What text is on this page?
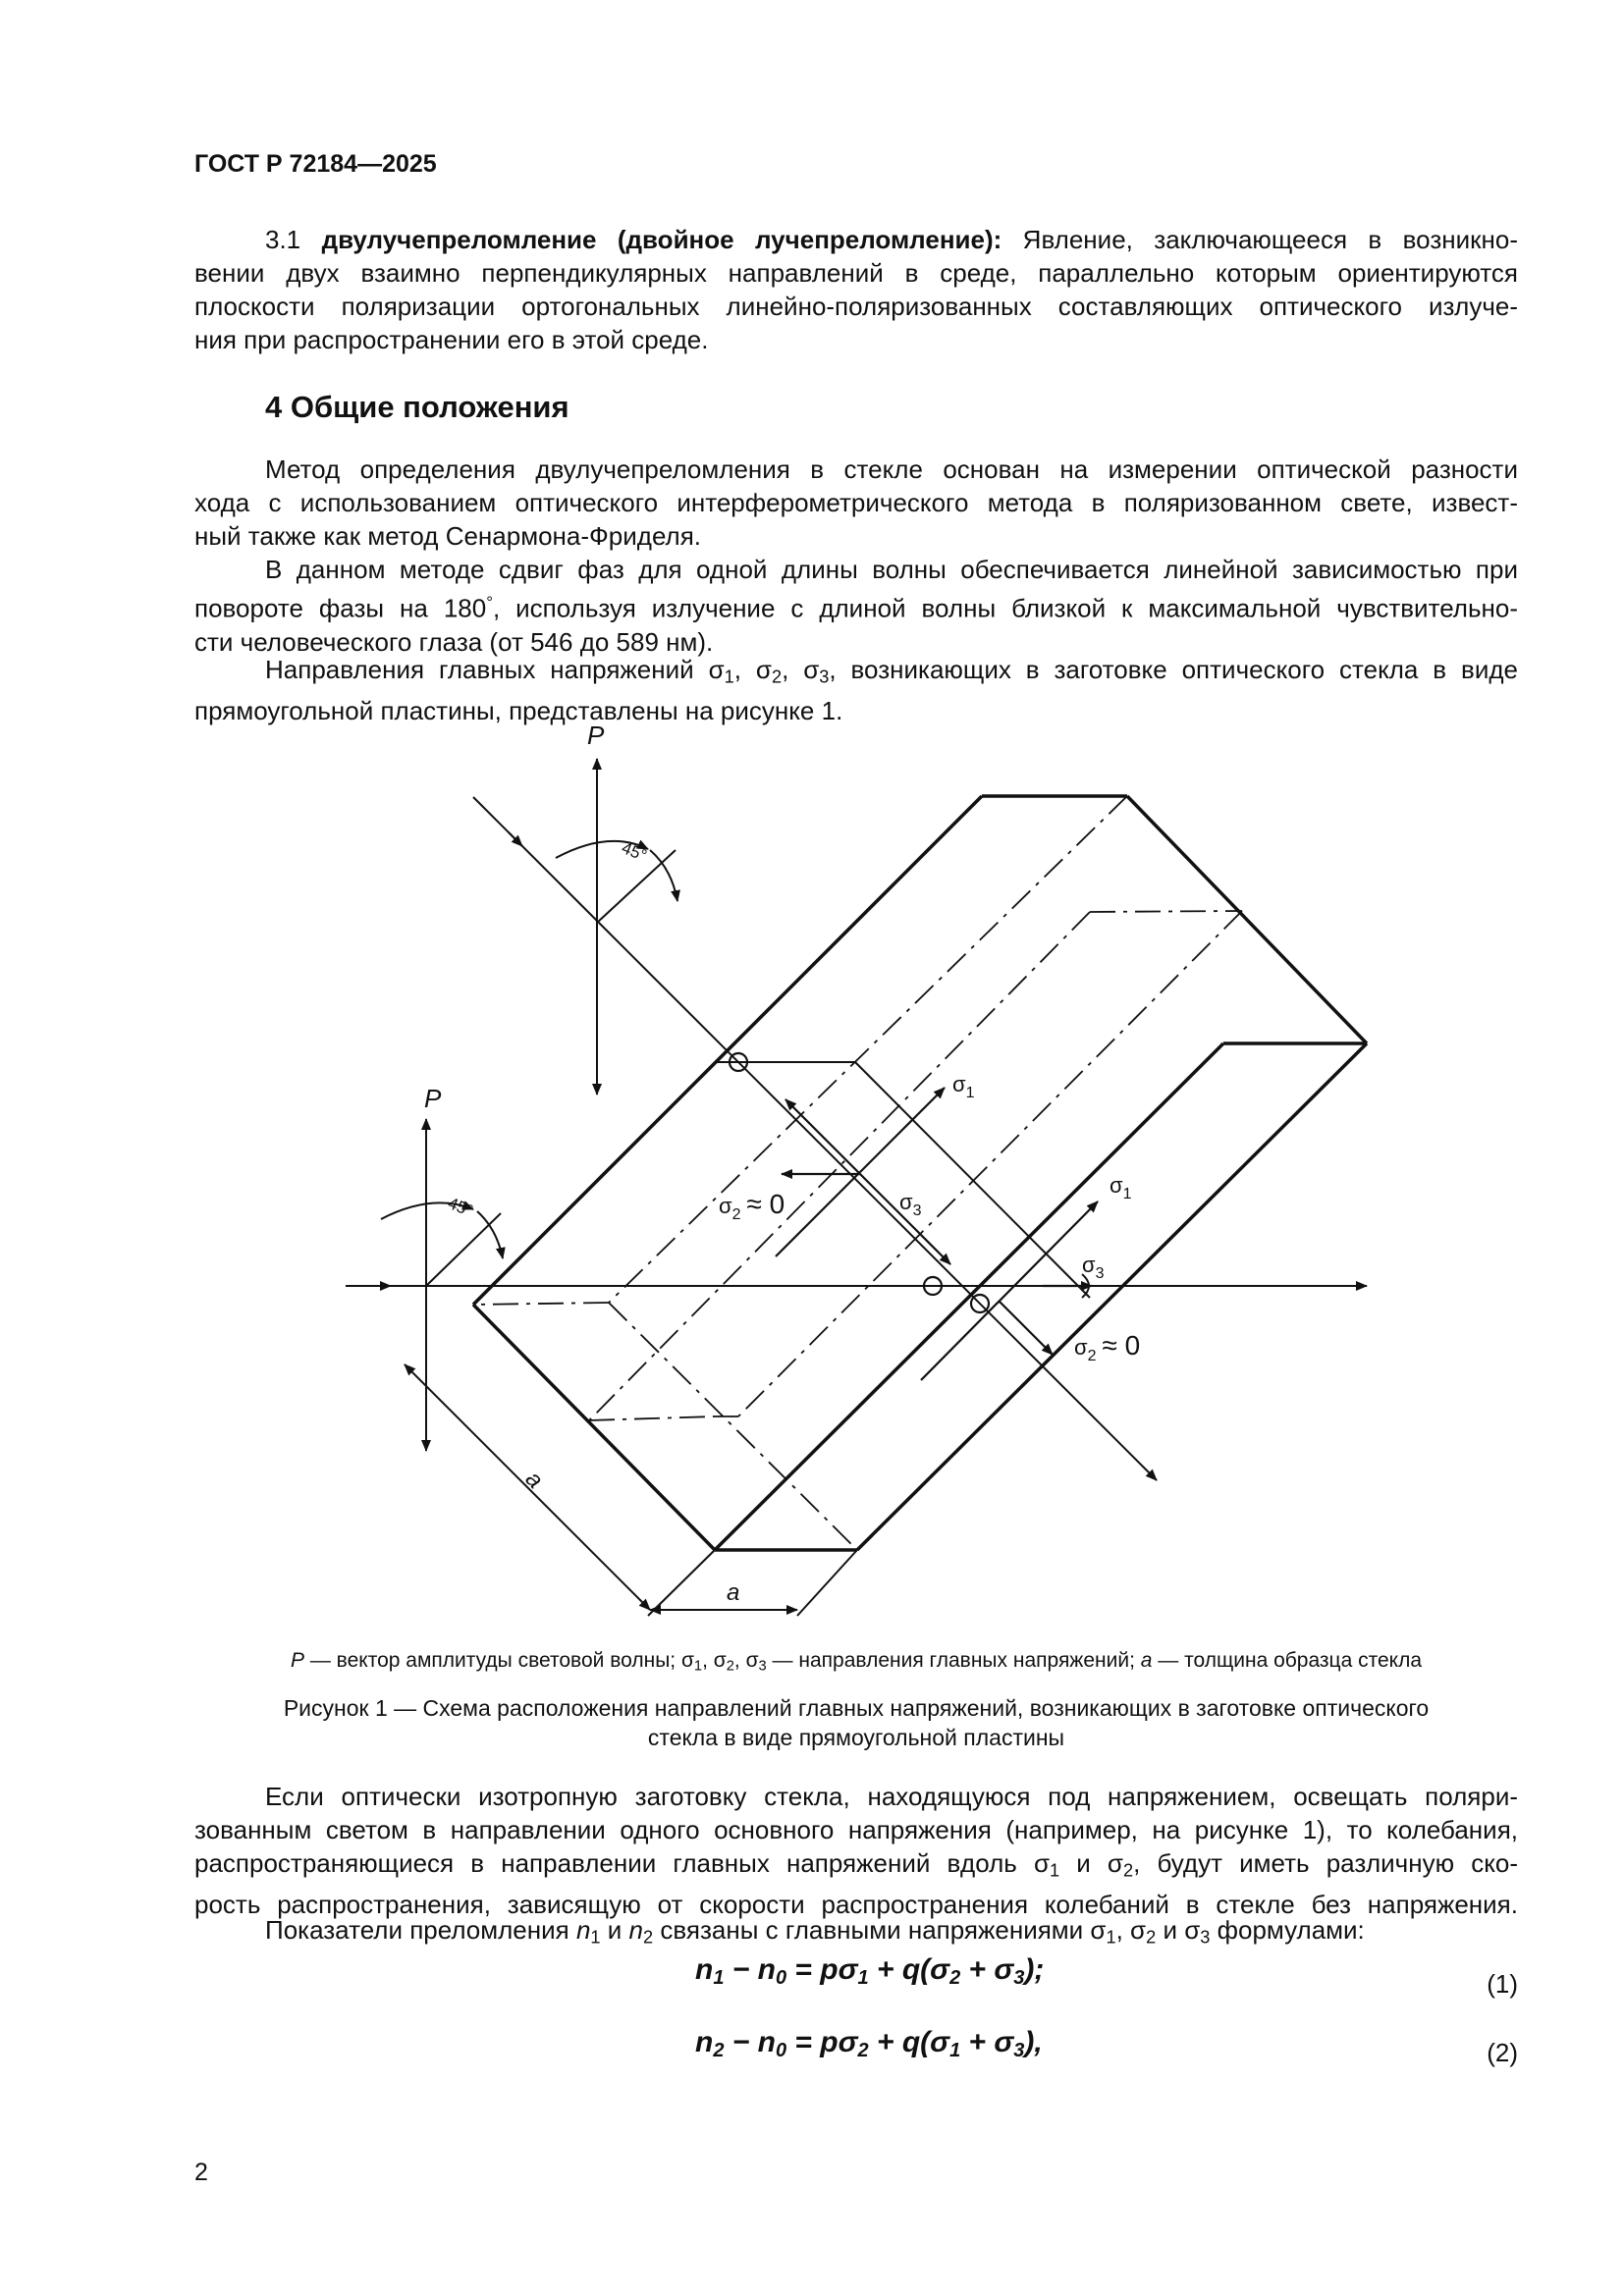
ГОСТ Р 72184—2025
3.1 двулучепреломление (двойное лучепреломление): Явление, заключающееся в возникно-
вении двух взаимно перпендикулярных направлений в среде, параллельно которым ориентируются
плоскости поляризации ортогональных линейно-поляризованных составляющих оптического излуче-
ния при распространении его в этой среде.
4 Общие положения
Метод определения двулучепреломления в стекле основан на измерении оптической разности
хода с использованием оптического интерферометрического метода в поляризованном свете, извест-
ный также как метод Сенармона-Фриделя.
В данном методе сдвиг фаз для одной длины волны обеспечивается линейной зависимостью при
повороте фазы на 180°, используя излучение с длиной волны близкой к максимальной чувствительно-
сти человеческого глаза (от 546 до 589 нм).
Направления главных напряжений $\sigma_1$, $\sigma_2$, $\sigma_3$, возникающих в заготовке оптического стекла в виде
прямоугольной пластины, представлены на рисунке 1.
P
45°
P
45°
$\sigma_1$
$\sigma_1$
$\sigma_3$
$\sigma_3$
$\sigma_2 \approx 0$
$\sigma_2 \approx 0$
a
a
P — вектор амплитуды световой волны; $\sigma_1$, $\sigma_2$, $\sigma_3$ — направления главных напряжений; a — толщина образца стекла
Рисунок 1 — Схема расположения направлений главных напряжений, возникающих в заготовке оптического
стекла в виде прямоугольной пластины
Если оптически изотропную заготовку стекла, находящуюся под напряжением, освещать поляри-
зованным светом в направлении одного основного напряжения (например, на рисунке 1), то колебания,
распространяющиеся в направлении главных напряжений вдоль $\sigma_1$ и $\sigma_2$, будут иметь различную ско-
рость распространения, зависящую от скорости распространения колебаний в стекле без напряжения.
Показатели преломления $n_1$ и $n_2$ связаны с главными напряжениями $\sigma_1$, $\sigma_2$ и $\sigma_3$ формулами:
$n_1 - n_0 = p\sigma_1 + q(\sigma_2 + \sigma_3)$;	(1)
$n_2 - n_0 = p\sigma_2 + q(\sigma_1 + \sigma_3)$,	(2)
2
